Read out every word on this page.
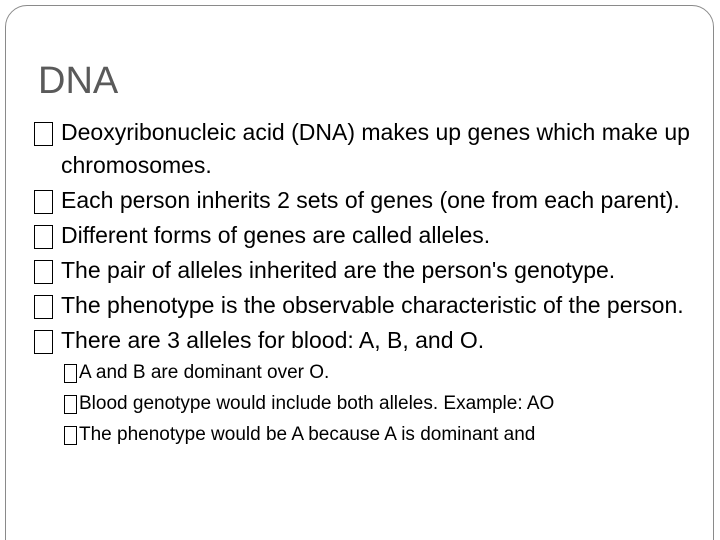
DNA
Deoxyribonucleic acid (DNA) makes up genes which make up chromosomes.
Each person inherits 2 sets of genes (one from each parent).
Different forms of genes are called alleles.
The pair of alleles inherited are the person's genotype.
The phenotype is the observable characteristic of the person.
There are 3 alleles for blood: A, B, and O.
A and B are dominant over O.
Blood genotype would include both alleles. Example: AO
The phenotype would be A because A is dominant and
